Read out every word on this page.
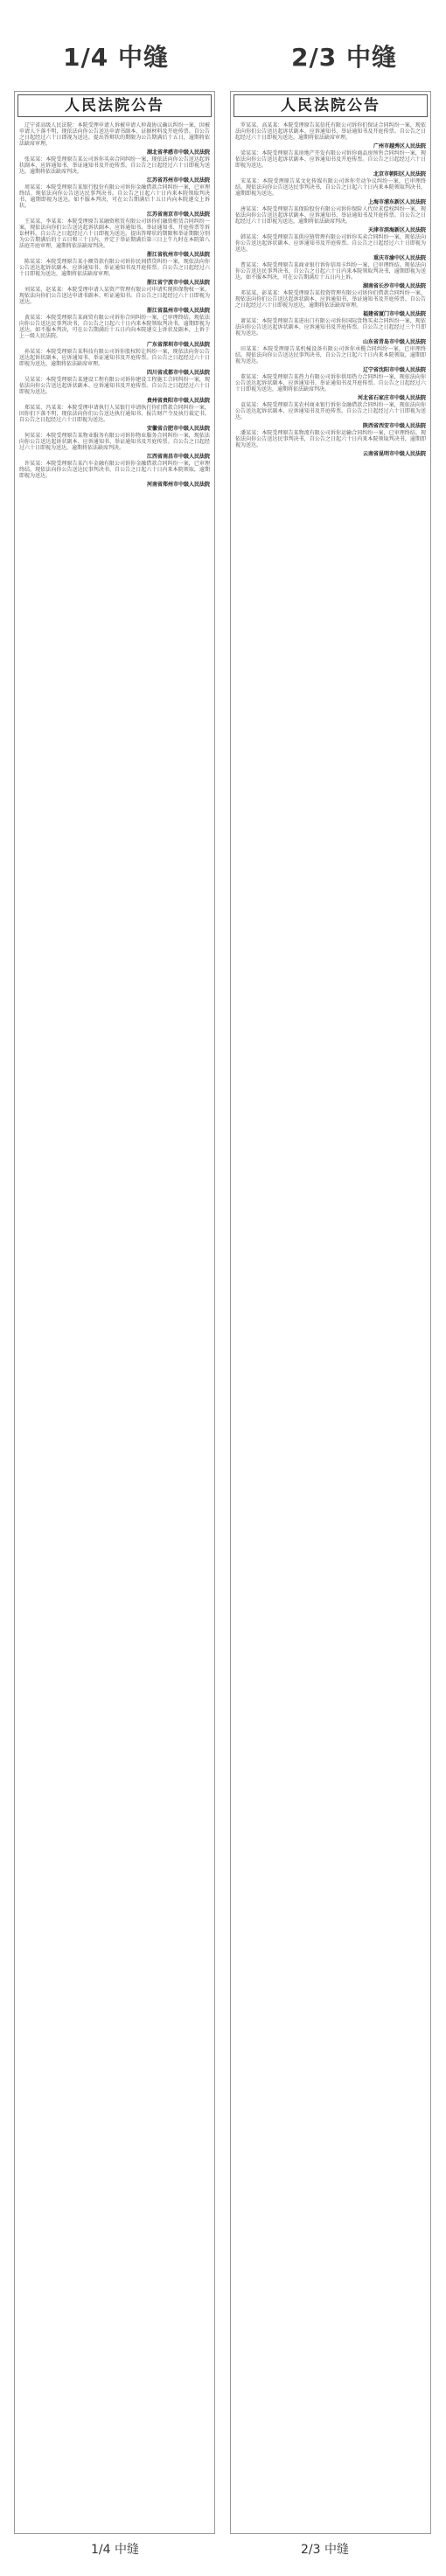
1/4 中缝	2/3 中缝
人民法院公告
辽宁省高级人民法院：本院受理申请人诉被申请人仲裁协议确认纠纷一案，因被申请人下落不明，现依法向你公告送达申请书副本、证据材料及开庭传票。自公告之日起经过六十日即视为送达。提出答辩状的期限为公告期满后十五日，逾期将依法缺席审理。
湖北省孝感市中级人民法院
张某某：本院受理原告某公司诉你买卖合同纠纷一案，现依法向你公告送达起诉状副本、应诉通知书、举证通知书及开庭传票。自公告之日起经过六十日即视为送达，逾期将依法缺席判决。
江苏省苏州市中级人民法院
周某某：本院受理原告某银行股份有限公司诉你金融借款合同纠纷一案，已审理终结。现依法向你公告送达民事判决书。自公告之日起六十日内来本院领取判决书，逾期即视为送达。如不服本判决，可在公告期满后十五日内向本院递交上诉状。
江苏省南京市中级人民法院
王某某、李某某：本院受理原告某融资租赁有限公司诉你们融资租赁合同纠纷一案，现依法向你们公告送达起诉状副本、应诉通知书、举证通知书、开庭传票等诉讼材料。自公告之日起经过六十日即视为送达。提出答辩状的期限和举证期限分别为公告期满后的十五日和三十日内，并定于举证期满后第三日上午九时在本院第八法庭开庭审理，逾期将依法缺席判决。
浙江省杭州市中级人民法院
陈某某：本院受理原告某小额贷款有限公司诉你民间借贷纠纷一案，现依法向你公告送达起诉状副本、应诉通知书、举证通知书及开庭传票。自公告之日起经过六十日即视为送达，逾期将依法缺席审理。
浙江省宁波市中级人民法院
刘某某、赵某某：本院受理申请人某资产管理有限公司申请实现担保物权一案，现依法向你们公告送达申请书副本、听证通知书。自公告之日起经过六十日即视为送达。
浙江省温州市中级人民法院
黄某某：本院受理原告某商贸有限公司诉你合同纠纷一案，已审理终结。现依法向你公告送达民事判决书，自公告之日起六十日内来本院领取判决书，逾期即视为送达。如不服本判决，可在公告期满后十五日内向本院递交上诉状及副本，上诉于上一级人民法院。
广东省深圳市中级人民法院
孙某某：本院受理原告某科技有限公司诉你股权转让纠纷一案，现依法向你公告送达起诉状副本、应诉通知书、举证通知书及开庭传票。自公告之日起经过六十日即视为送达，逾期将依法缺席审理。
四川省成都市中级人民法院
吴某某：本院受理原告某建设工程有限公司诉你建设工程施工合同纠纷一案，现依法向你公告送达起诉状副本、应诉通知书及开庭传票。自公告之日起经过六十日即视为送达。
贵州省贵阳市中级人民法院
郑某某、冯某某：本院受理申请执行人某银行申请执行你们借款合同纠纷一案，因你们下落不明，现依法向你们公告送达执行通知书、报告财产令及执行裁定书，自公告之日起经过六十日即视为送达。
安徽省合肥市中级人民法院
何某某：本院受理原告某物业服务有限公司诉你物业服务合同纠纷一案，现依法向你公告送达起诉状副本、应诉通知书、举证通知书及开庭传票。自公告之日起经过六十日即视为送达，逾期将依法缺席判决。
江西省南昌市中级人民法院
许某某：本院受理原告某汽车金融有限公司诉你金融借款合同纠纷一案，已审理终结。现依法向你公告送达民事判决书，自公告之日起六十日内来本院领取，逾期即视为送达。
河南省郑州市中级人民法院
人民法院公告
罗某某、高某某：本院受理原告某信托有限公司诉你们保证合同纠纷一案，现依法向你们公告送达起诉状副本、应诉通知书、举证通知书及开庭传票。自公告之日起经过六十日即视为送达，逾期将依法缺席审理。
广州市越秀区人民法院
梁某某：本院受理原告某房地产开发有限公司诉你商品房预售合同纠纷一案，现依法向你公告送达起诉状副本、应诉通知书及开庭传票。自公告之日起经过六十日即视为送达。
北京市朝阳区人民法院
宋某某：本院受理原告某文化传媒有限公司诉你劳动争议纠纷一案，已审理终结。现依法向你公告送达民事判决书，自公告之日起六十日内来本院领取判决书，逾期即视为送达。
上海市浦东新区人民法院
唐某某：本院受理原告某保险股份有限公司诉你保险人代位求偿权纠纷一案，现依法向你公告送达起诉状副本、应诉通知书、举证通知书及开庭传票。自公告之日起经过六十日即视为送达，逾期将依法缺席判决。
天津市滨海新区人民法院
韩某某：本院受理原告某供应链管理有限公司诉你买卖合同纠纷一案，现依法向你公告送达起诉状副本、应诉通知书及开庭传票。自公告之日起经过六十日即视为送达。
重庆市渝中区人民法院
曹某某：本院受理原告某商业银行诉你信用卡纠纷一案，已审理终结。现依法向你公告送达民事判决书，自公告之日起六十日内来本院领取判决书，逾期即视为送达。如不服本判决，可在公告期满后十五日内上诉。
湖南省长沙市中级人民法院
邓某某、彭某某：本院受理原告某投资管理有限公司诉你们借款合同纠纷一案，现依法向你们公告送达起诉状副本、应诉通知书、举证通知书及开庭传票。自公告之日起经过六十日即视为送达，逾期将依法缺席审理。
福建省厦门市中级人民法院
萧某某：本院受理原告某进出口有限公司诉你国际货物买卖合同纠纷一案，现依法向你公告送达起诉状副本、应诉通知书及开庭传票。自公告之日起经过三个月即视为送达。
山东省青岛市中级人民法院
田某某：本院受理原告某机械设备有限公司诉你承揽合同纠纷一案，已审理终结。现依法向你公告送达民事判决书，自公告之日起六十日内来本院领取，逾期即视为送达。
辽宁省沈阳市中级人民法院
董某某：本院受理原告某热力有限公司诉你供用热力合同纠纷一案，现依法向你公告送达起诉状副本、应诉通知书、举证通知书及开庭传票。自公告之日起经过六十日即视为送达，逾期将依法缺席判决。
河北省石家庄市中级人民法院
袁某某：本院受理原告某农村商业银行诉你金融借款合同纠纷一案，现依法向你公告送达起诉状副本、应诉通知书及开庭传票。自公告之日起经过六十日即视为送达。
陕西省西安市中级人民法院
潘某某：本院受理原告某物流有限公司诉你运输合同纠纷一案，已审理终结。现依法向你公告送达民事判决书，自公告之日起六十日内来本院领取判决书，逾期即视为送达。
云南省昆明市中级人民法院
1/4 中缝	2/3 中缝
